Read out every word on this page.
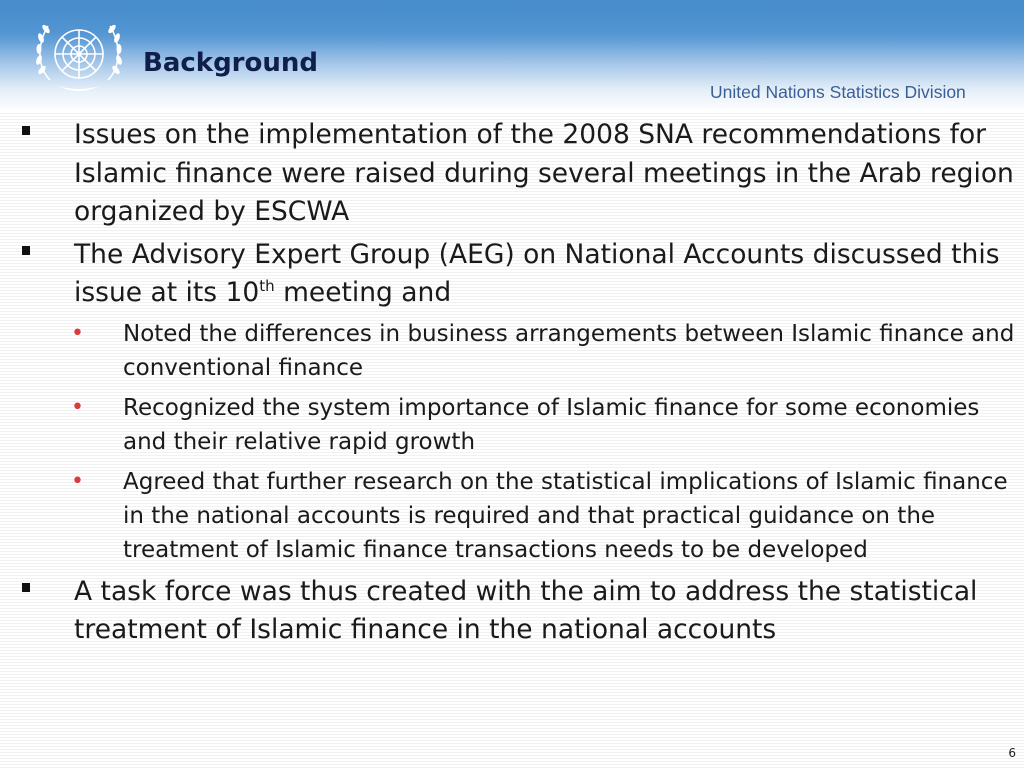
Background
United Nations Statistics Division
Issues on the implementation of the 2008 SNA recommendations for Islamic finance were raised during several meetings in the Arab region organized by ESCWA
The Advisory Expert Group (AEG) on National Accounts discussed this issue at its 10th meeting and
• Noted the differences in business arrangements between Islamic finance and conventional finance
• Recognized the system importance of Islamic finance for some economies and their relative rapid growth
• Agreed that further research on the statistical implications of Islamic finance in the national accounts is required and that practical guidance on the treatment of Islamic finance transactions needs to be developed
A task force was thus created with the aim to address the statistical treatment of Islamic finance in the national accounts
6
